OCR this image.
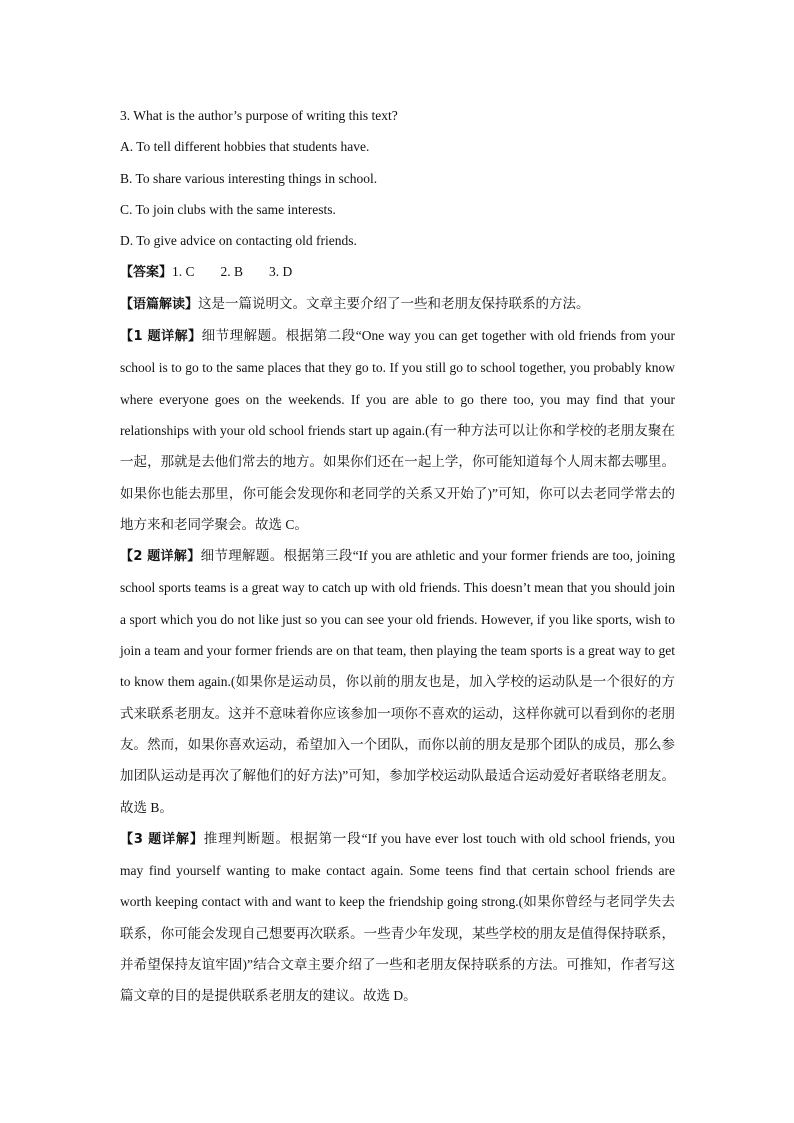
3. What is the author’s purpose of writing this text?
A. To tell different hobbies that students have.
B. To share various interesting things in school.
C. To join clubs with the same interests.
D. To give advice on contacting old friends.
【答案】1. C 2. B 3. D
【语篇解读】这是一篇说明文。文章主要介绍了一些和老朋友保持联系的方法。
【1 题详解】细节理解题。根据第二段“One way you can get together with old friends from your school is to go to the same places that they go to. If you still go to school together, you probably know where everyone goes on the weekends. If you are able to go there too, you may find that your relationships with your old school friends start up again.(有一种方法可以让你和学校的老朋友聚在一起，那就是去他们常去的地方。如果你们还在一起上学，你可能知道每个人周末都去哪里。如果你也能去那里，你可能会发现你和老同学的关系又开始了)”可知，你可以去老同学常去的地方来和老同学聚会。故选 C。
【2 题详解】细节理解题。根据第三段“If you are athletic and your former friends are too, joining school sports teams is a great way to catch up with old friends. This doesn’t mean that you should join a sport which you do not like just so you can see your old friends. However, if you like sports, wish to join a team and your former friends are on that team, then playing the team sports is a great way to get to know them again.(如果你是运动员，你以前的朋友也是，加入学校的运动队是一个很好的方式来联系老朋友。这并不意味着你应该参加一项你不喜欢的运动，这样你就可以看到你的老朋友。然而，如果你喜欢运动，希望加入一个团队，而你以前的朋友是那个团队的成员，那么参加团队运动是再次了解他们的好方法)”可知，参加学校运动队最适合运动爱好者联络老朋友。故选 B。
【3 题详解】推理判断题。根据第一段“If you have ever lost touch with old school friends, you may find yourself wanting to make contact again. Some teens find that certain school friends are worth keeping contact with and want to keep the friendship going strong.(如果你曾经与老同学失去联系，你可能会发现自己想要再次联系。一些青少年发现，某些学校的朋友是值得保持联系，并希望保持友谊牢固)”结合文章主要介绍了一些和老朋友保持联系的方法。可推知，作者写这篇文章的目的是提供联系老朋友的建议。故选 D。
